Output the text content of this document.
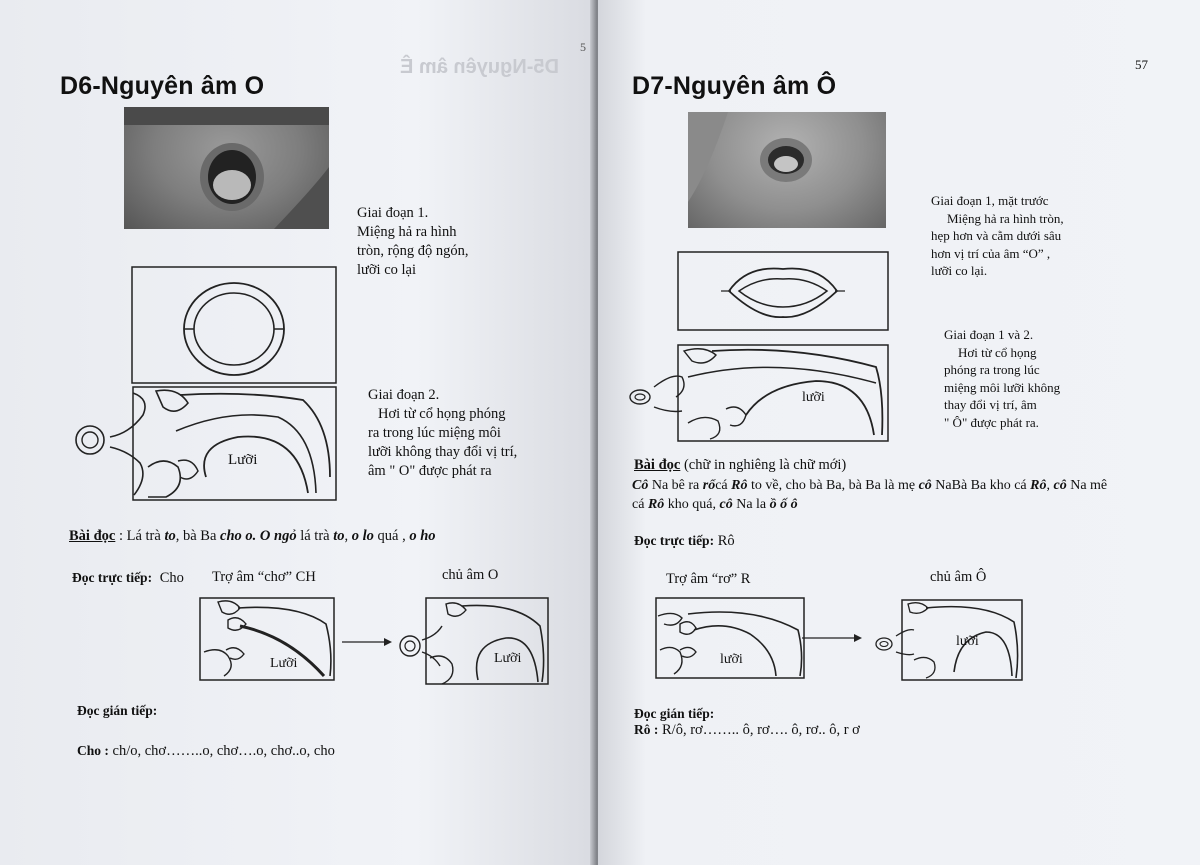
D5-Nguyên âm Ê
5
D6-Nguyên âm O
Giai đoạn 1.
Miệng hả ra hình
tròn, rộng độ ngón,
lưỡi co lại
Giai đoạn 2.
Hơi từ cổ họng phóng
ra trong lúc miệng môi
lưỡi không thay đổi vị trí,
âm " O" được phát ra
Lưỡi
Bài đọc : Lá trà to, bà Ba cho o. O ngỏ lá trà to, o lo quá , o ho
Đọc trực tiếp: Cho Trợ âm “chơ” CH	chủ âm O
Lưỡi	Lưỡi
Đọc gián tiếp:
Cho : ch/o, chơ……..o, chơ….o, chơ..o, cho
57
D7-Nguyên âm Ô
Giai đoạn 1, mặt trước
Miệng hả ra hình tròn,
hẹp hơn và cằm dưới sâu
hơn vị trí của âm “O” ,
lưỡi co lại.
Giai đoạn 1 và 2.
Hơi từ cổ họng
phóng ra trong lúc
miệng môi lưỡi không
thay đổi vị trí, âm
" Ô" được phát ra.
lưỡi
Bài đọc (chữ in nghiêng là chữ mới)
Cô Na bê ra rổcá Rô to về, cho bà Ba, bà Ba là mẹ cô NaBà Ba kho cá Rô, cô Na mê
cá Rô kho quá, cô Na la ồ ố ô
Đọc trực tiếp: Rô
Trợ âm “rơ” R	chủ âm Ô
lưỡi
lưỡi
Đọc gián tiếp:
Rô : R/ô, rơ…….. ô, rơ…. ô, rơ.. ô, r ơ
